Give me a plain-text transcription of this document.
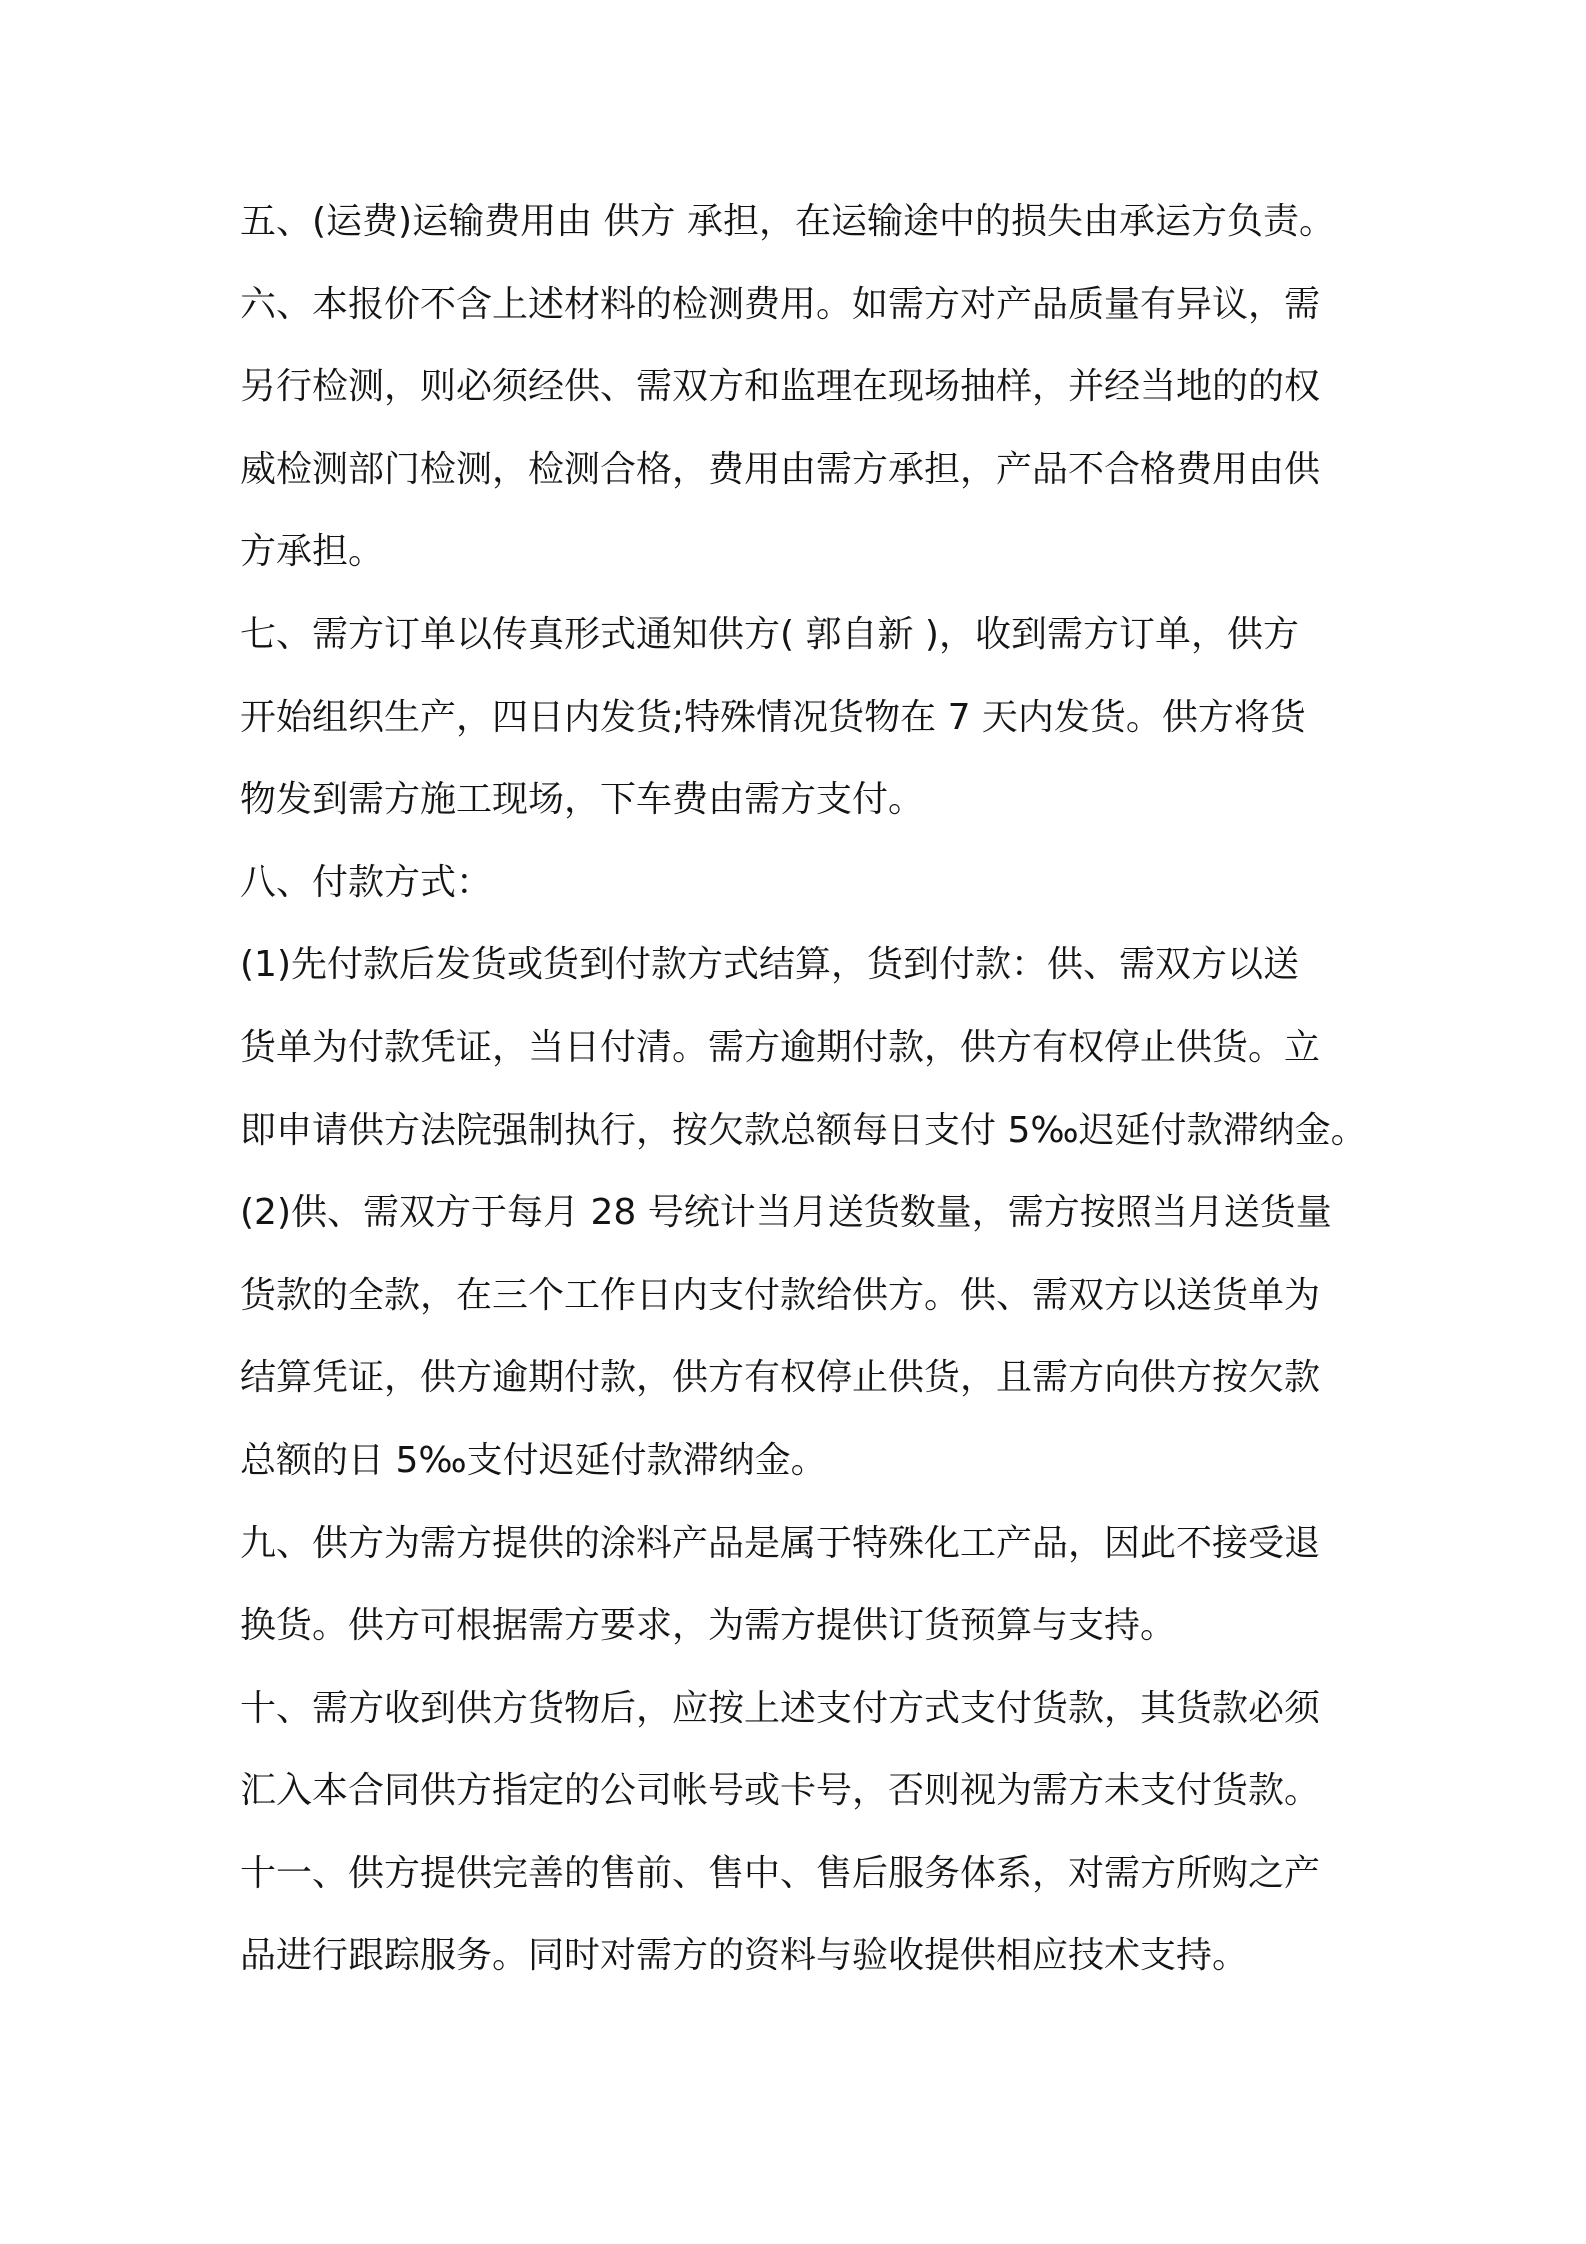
五、(运费)运输费用由 供方 承担，在运输途中的损失由承运方负责。
六、本报价不含上述材料的检测费用。如需方对产品质量有异议，需
另行检测，则必须经供、需双方和监理在现场抽样，并经当地的的权
威检测部门检测，检测合格，费用由需方承担，产品不合格费用由供
方承担。
七、需方订单以传真形式通知供方( 郭自新 )，收到需方订单，供方
开始组织生产，四日内发货;特殊情况货物在 7 天内发货。供方将货
物发到需方施工现场，下车费由需方支付。
八、付款方式：
(1)先付款后发货或货到付款方式结算，货到付款：供、需双方以送
货单为付款凭证，当日付清。需方逾期付款，供方有权停止供货。立
即申请供方法院强制执行，按欠款总额每日支付 5‰迟延付款滞纳金。
(2)供、需双方于每月 28 号统计当月送货数量，需方按照当月送货量
货款的全款，在三个工作日内支付款给供方。供、需双方以送货单为
结算凭证，供方逾期付款，供方有权停止供货，且需方向供方按欠款
总额的日 5‰支付迟延付款滞纳金。
九、供方为需方提供的涂料产品是属于特殊化工产品，因此不接受退
换货。供方可根据需方要求，为需方提供订货预算与支持。
十、需方收到供方货物后，应按上述支付方式支付货款，其货款必须
汇入本合同供方指定的公司帐号或卡号，否则视为需方未支付货款。
十一、供方提供完善的售前、售中、售后服务体系，对需方所购之产
品进行跟踪服务。同时对需方的资料与验收提供相应技术支持。
